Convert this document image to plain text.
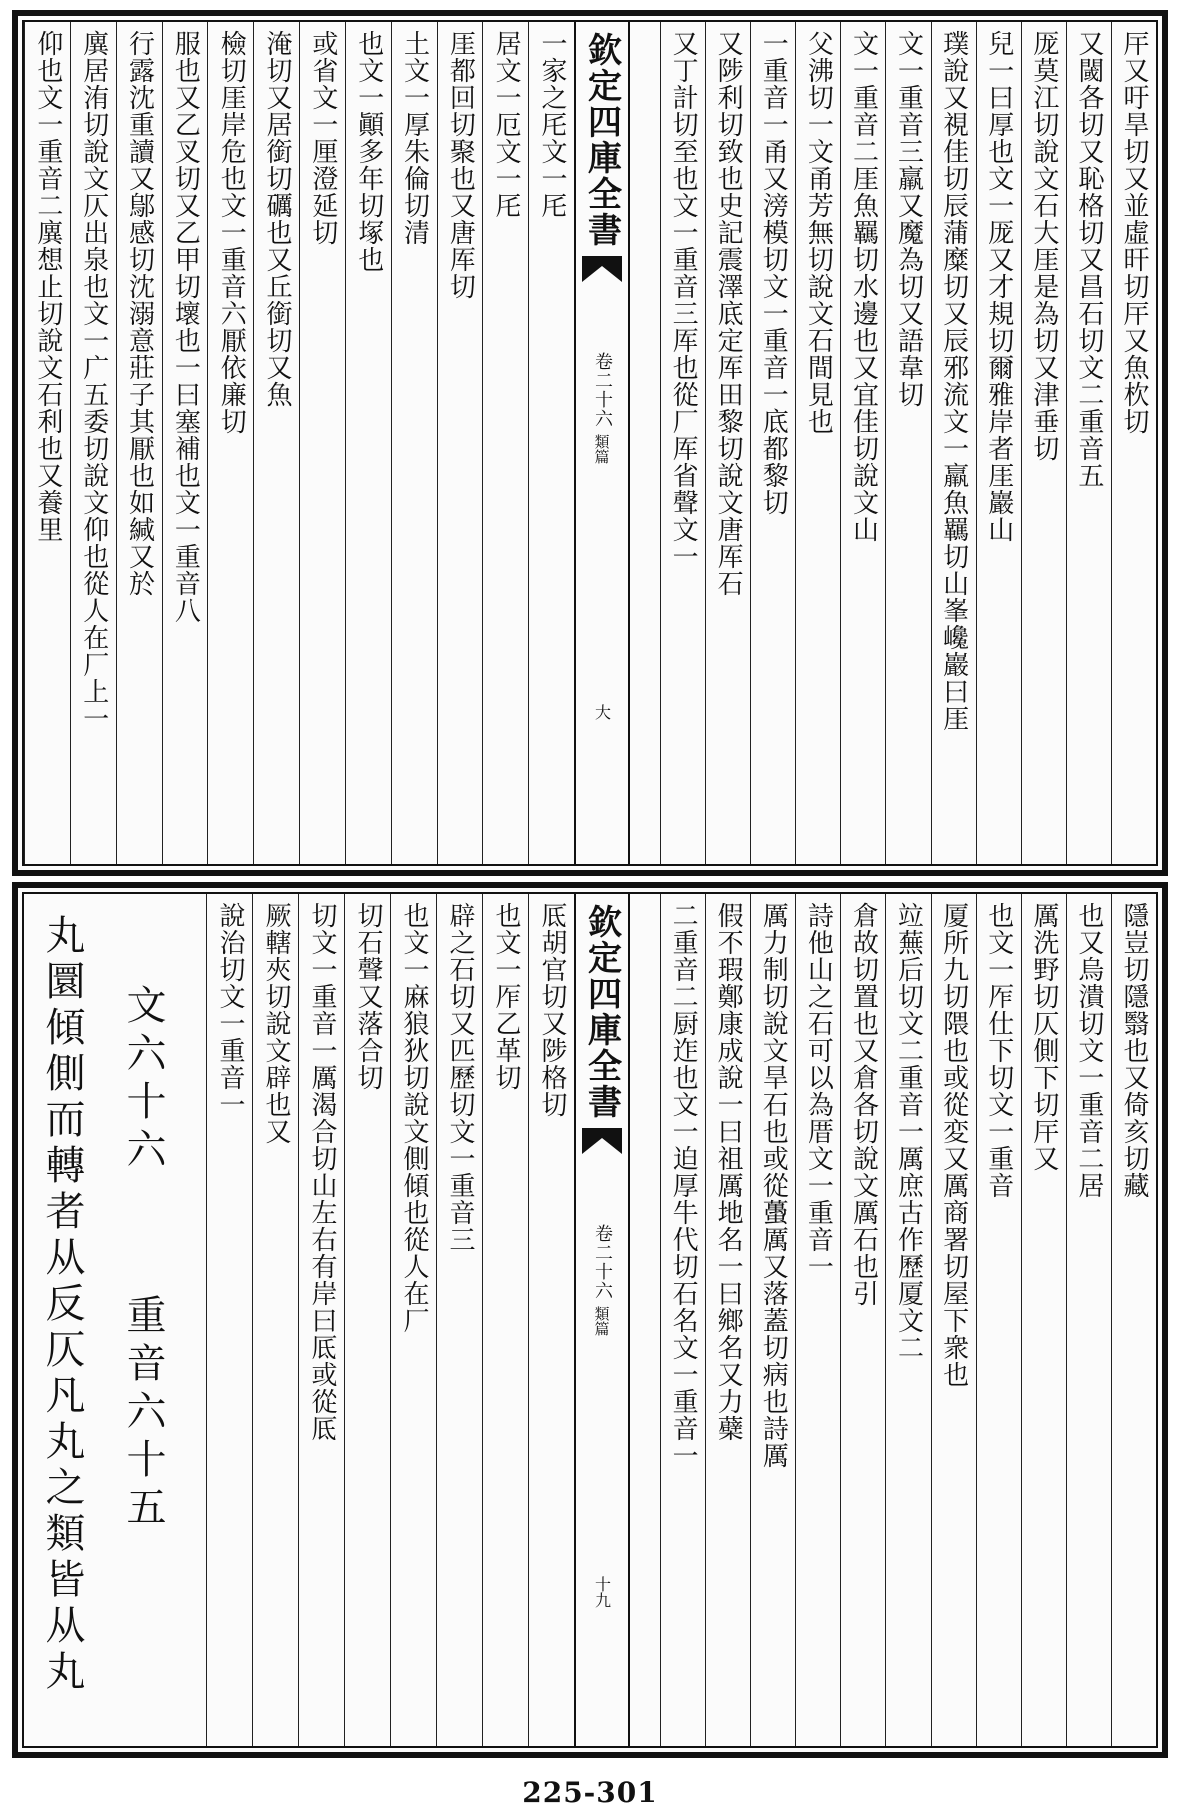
厈又吁旱切又並虛旰切厈又魚杴切
又閾各切又恥格切又昌石切文二重音五
厐莫江切說文石大厓是為切又津垂切
兒一曰厚也文一厐又才規切爾雅岸者厓巖山
璞說又視佳切辰蒲糜切又辰邪流文一羸魚羈切山峯巉巖曰厓
文一重音三羸又魔為切又語韋切
文一重音二厓魚羈切水邊也又宜佳切說文山
父沸切一文甬芳無切說文石間見也
一重音一甬又滂模切文一重音一底都黎切
又陟利切致也史記震澤底定厍田黎切說文唐厍石
又丁計切至也文一重音三厍也從厂厍省聲文一
欽定四庫全書
卷二十六
類篇
大
一家之厇文一厇
居文一厄文一厇
厓都回切聚也又唐厍切
土文一厚朱倫切清
也文一顚多年切塚也
或省文一厘澄延切
淹切又居銜切礪也又丘銜切又魚
檢切厓岸危也文一重音六厭依廉切
服也又乙叉切又乙甲切壞也一曰塞補也文一重音八
行露沈重讀又鄔感切沈溺意莊子其厭也如緘又於
廙居洧切說文仄出泉也文一广五委切說文仰也從人在厂上一
仰也文一重音二廙想止切說文石利也又養里
隱豈切隱翳也又倚亥切藏
也又烏潰切文一重音二居
厲洗野切仄側下切厈又
也文一厏仕下切文一重音
厦所九切隈也或從変又厲商署切屋下衆也
竝蕪后切文二重音一厲庶古作歷厦文二
倉故切置也又倉各切說文厲石也引
詩他山之石可以為厝文一重音一
厲力制切說文旱石也或從蠆厲又落蓋切病也詩厲
假不瑕鄭康成說一曰祖厲地名一曰鄉名又力蘗
二重音二厨迮也文一迫厚牛代切石名文一重音一
欽定四庫全書
卷二十六
類篇
十九
厎胡官切又陟格切
也文一厏乙革切
辟之石切又匹歷切文一重音三
也文一麻狼狄切說文側傾也從人在厂
切石聲又落合切
切文一重音一厲渴合切山左右有岸曰厎或從厎
厥轄夾切說文辟也又
說治切文一重音一
重音六十五
文六十六
丸圜傾側而轉者从反仄凡丸之類皆从丸
225-301
